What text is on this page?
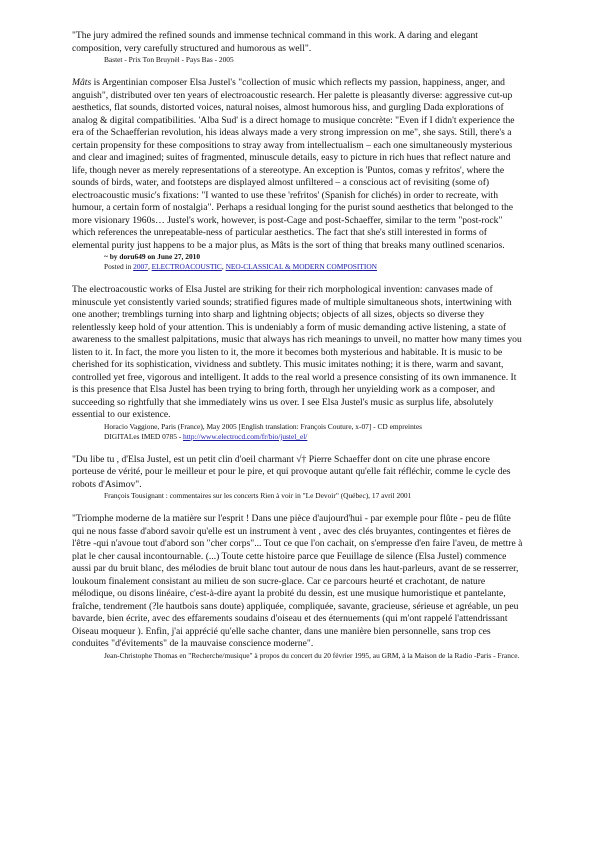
"The jury admired the refined sounds and immense technical command in this work. A daring and elegant composition, very carefully structured and humorous as well".

Bastet - Prix Ton Bruynèl - Pays Bas - 2005

Mâts is Argentinian composer Elsa Justel's "collection of music which reflects my passion, happiness, anger, and anguish", distributed over ten years of electroacoustic research. Her palette is pleasantly diverse: aggressive cut-up aesthetics, flat sounds, distorted voices, natural noises, almost humorous hiss, and gurgling Dada explorations of analog & digital compatibilities. 'Alba Sud' is a direct homage to musique concrète: "Even if I didn't experience the era of the Schaefferian revolution, his ideas always made a very strong impression on me", she says. Still, there's a certain propensity for these compositions to stray away from intellectualism – each one simultaneously mysterious and clear and imagined; suites of fragmented, minuscule details, easy to picture in rich hues that reflect nature and life, though never as merely representations of a stereotype. An exception is 'Puntos, comas y refritos', where the sounds of birds, water, and footsteps are displayed almost unfiltered – a conscious act of revisiting (some of) electroacoustic music's fixations: "I wanted to use these 'refritos' (Spanish for clichés) in order to recreate, with humour, a certain form of nostalgia". Perhaps a residual longing for the purist sound aesthetics that belonged to the more visionary 1960s… Justel's work, however, is post-Cage and post-Schaeffer, similar to the term "post-rock" which references the unrepeatable-ness of particular aesthetics. The fact that she's still interested in forms of elemental purity just happens to be a major plus, as Mâts is the sort of thing that breaks many outlined scenarios.

~ by doru649 on June 27, 2010

Posted in 2007, ELECTROACOUSTIC, NEO-CLASSICAL & MODERN COMPOSITION

The electroacoustic works of Elsa Justel are striking for their rich morphological invention: canvases made of minuscule yet consistently varied sounds; stratified figures made of multiple simultaneous shots, intertwining with one another; tremblings turning into sharp and lightning objects; objects of all sizes, objects so diverse they relentlessly keep hold of your attention. This is undeniably a form of music demanding active listening, a state of awareness to the smallest palpitations, music that always has rich meanings to unveil, no matter how many times you listen to it. In fact, the more you listen to it, the more it becomes both mysterious and habitable. It is music to be cherished for its sophistication, vividness and subtlety. This music imitates nothing; it is there, warm and savant, controlled yet free, vigorous and intelligent. It adds to the real world a presence consisting of its own immanence. It is this presence that Elsa Justel has been trying to bring forth, through her unyielding work as a composer, and succeeding so rightfully that she immediately wins us over. I see Elsa Justel's music as surplus life, absolutely essential to our existence.

Horacio Vaggione, Paris (France), May 2005 [English translation: François Couture, x-07] - CD empreintes

DIGITALes IMED 0785 - http://www.electrocd.com/fr/bio/justel_el/

"Du libe tu , d'Elsa Justel, est un petit clin d'oeil charmant √† Pierre Schaeffer dont on cite une phrase encore porteuse de vérité, pour le meilleur et pour le pire, et qui provoque autant qu'elle fait réfléchir, comme le cycle des robots d'Asimov".

François Tousignant : commentaires sur les concerts Rien à voir in "Le Devoir" (Québec), 17 avril 2001

"Triomphe moderne de la matière sur l'esprit ! Dans une pièce d'aujourd'hui - par exemple pour flûte - peu de flûte qui ne nous fasse d'abord savoir qu'elle est un instrument à vent , avec des clés bruyantes, contingentes et fières de l'être -qui n'avoue tout d'abord son "cher corps"... Tout ce que l'on cachait, on s'empresse d'en faire l'aveu, de mettre à plat le cher causal incontournable. (...) Toute cette histoire parce que Feuillage de silence (Elsa Justel) commence aussi par du bruit blanc, des mélodies de bruit blanc tout autour de nous dans les haut-parleurs, avant de se resserrer, loukoum finalement consistant au milieu de son sucre-glace. Car ce parcours heurté et crachotant, de nature mélodique, ou disons linéaire, c'est-à-dire ayant la probité du dessin, est une musique humoristique et pantelante, fraîche, tendrement (?le hautbois sans doute) appliquée, compliquée, savante, gracieuse, sérieuse et agréable, un peu bavarde, bien écrite, avec des effarements soudains d'oiseau et des éternuements (qui m'ont rappelé l'attendrissant Oiseau moqueur ). Enfin, j'ai apprécié qu'elle sache chanter, dans une manière bien personnelle, sans trop ces conduites "d'évitements" de la mauvaise conscience moderne".

Jean-Christophe Thomas en "Recherche/musique" à propos du concert du 20 février 1995, au GRM, à la Maison de la Radio -Paris - France.
